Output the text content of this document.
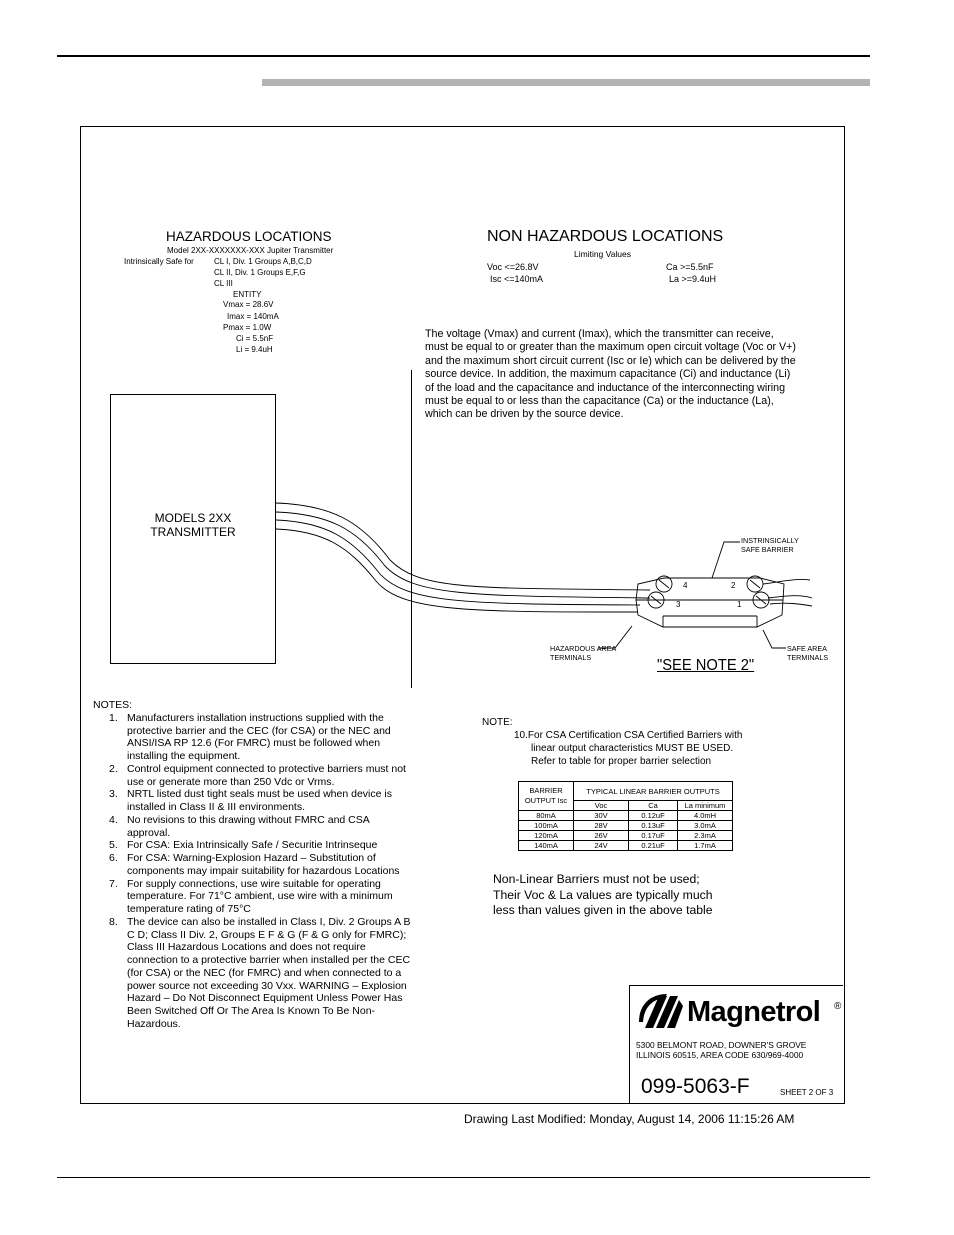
HAZARDOUS LOCATIONS
Model 2XX-XXXXXXX-XXX Jupiter Transmitter
Intrinsically Safe for	CL I, Div. 1 Groups A,B,C,D
CL II, Div. 1 Groups E,F,G
CL III
ENTITY
Vmax = 28.6V
Imax = 140mA
Pmax = 1.0W
Ci = 5.5nF
Li = 9.4uH
NON HAZARDOUS LOCATIONS
Limiting Values
Voc <=26.8V
Isc <=140mA
Ca >=5.5nF
La >=9.4uH
The voltage (Vmax) and current (Imax), which the transmitter can receive,
must be equal to or greater than the maximum open circuit voltage (Voc or V+)
and the maximum short circuit current (Isc or Ie) which can be delivered by the
source device. In addition, the maximum capacitance (Ci) and inductance (Li)
of the load and the capacitance and inductance of the interconnecting wiring
must be equal to or less than the capacitance (Ca) or the inductance (La),
which can be driven by the source device.
MODELS 2XX
TRANSMITTER
4	2
3	1
INSTRINSICALLY
SAFE BARRIER
HAZARDOUS AREA
TERMINALS
SAFE AREA
TERMINALS
"SEE NOTE 2"
NOTES:
1. Manufacturers installation instructions supplied with the
protective barrier and the CEC (for CSA) or the NEC and
ANSI/ISA RP 12.6 (For FMRC) must be followed when
installing the equipment.
2. Control equipment connected to protective barriers must not
use or generate more than 250 Vdc or Vrms.
3. NRTL listed dust tight seals must be used when device is
installed in Class II & III environments.
4. No revisions to this drawing without FMRC and CSA
approval.
5. For CSA: Exia Intrinsically Safe / Securitie Intrinseque
6. For CSA: Warning-Explosion Hazard – Substitution of
components may impair suitability for hazardous Locations
7. For supply connections, use wire suitable for operating
temperature. For 71°C ambient, use wire with a minimum
temperature rating of 75°C
8. The device can also be installed in Class I, Div. 2 Groups A B
C D; Class II Div. 2, Groups E F & G (F & G only for FMRC);
Class III Hazardous Locations and does not require
connection to a protective barrier when installed per the CEC
(for CSA) or the NEC (for FMRC) and when connected to a
power source not exceeding 30 Vxx. WARNING – Explosion
Hazard – Do Not Disconnect Equipment Unless Power Has
Been Switched Off Or The Area Is Known To Be Non-
Hazardous.
NOTE:
10.For CSA Certification CSA Certified Barriers with
linear output characteristics MUST BE USED.
Refer to table for proper barrier selection
BARRIER
OUTPUT Isc	TYPICAL LINEAR BARRIER OUTPUTS		
	Voc	Ca	La minimum
80mA	30V	0.12uF	4.0mH
100mA	28V	0.13uF	3.0mA
120mA	26V	0.17uF	2.3mA
140mA	24V	0.21uF	1.7mA
Non-Linear Barriers must not be used;
Their Voc & La values are typically much
less than values given in the above table
Magnetrol ®
5300 BELMONT ROAD, DOWNER'S GROVE
ILLINOIS 60515, AREA CODE 630/969-4000
099-5063-F	SHEET 2 OF 3
Drawing Last Modified: Monday, August 14, 2006 11:15:26 AM
